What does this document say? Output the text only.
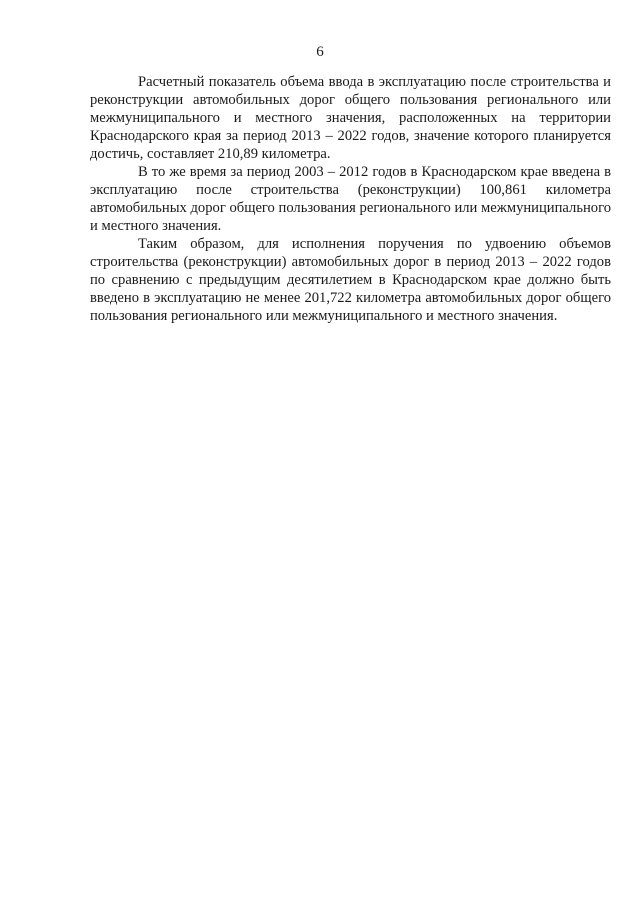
6

Расчетный показатель объема ввода в эксплуатацию после строительства и реконструкции автомобильных дорог общего пользования регионального или межмуниципального и местного значения, расположенных на территории Краснодарского края за период 2013 – 2022 годов, значение которого планируется достичь, составляет 210,89 километра.

В то же время за период 2003 – 2012 годов в Краснодарском крае введена в эксплуатацию после строительства (реконструкции) 100,861 километра автомобильных дорог общего пользования регионального или межмуниципального и местного значения.

Таким образом, для исполнения поручения по удвоению объемов строительства (реконструкции) автомобильных дорог в период 2013 – 2022 годов по сравнению с предыдущим десятилетием в Краснодарском крае должно быть введено в эксплуатацию не менее 201,722 километра автомобильных дорог общего пользования регионального или межмуниципального и местного значения.
